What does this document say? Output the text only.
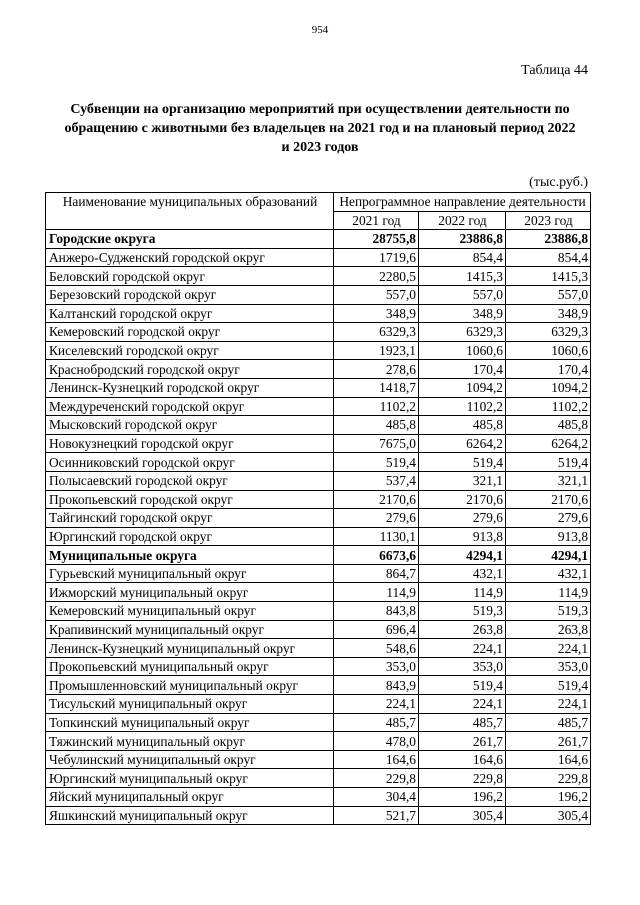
954
Таблица 44
Субвенции на организацию мероприятий при осуществлении деятельности по обращению с животными без владельцев на 2021 год и на плановый период 2022 и 2023 годов
(тыс.руб.)
Наименование муниципальных образований	Непрограммное направление деятельности		
	2021 год	2022 год	2023 год
Городские округа	28755,8	23886,8	23886,8
Анжеро-Судженский городской округ	1719,6	854,4	854,4
Беловский городской округ	2280,5	1415,3	1415,3
Березовский городской округ	557,0	557,0	557,0
Калтанский городской округ	348,9	348,9	348,9
Кемеровский городской округ	6329,3	6329,3	6329,3
Киселевский городской округ	1923,1	1060,6	1060,6
Краснобродский городской округ	278,6	170,4	170,4
Ленинск-Кузнецкий городской округ	1418,7	1094,2	1094,2
Междуреченский городской округ	1102,2	1102,2	1102,2
Мысковский городской округ	485,8	485,8	485,8
Новокузнецкий городской округ	7675,0	6264,2	6264,2
Осинниковский городской округ	519,4	519,4	519,4
Полысаевский городской округ	537,4	321,1	321,1
Прокопьевский городской округ	2170,6	2170,6	2170,6
Тайгинский городской округ	279,6	279,6	279,6
Юргинский городской округ	1130,1	913,8	913,8
Муниципальные округа	6673,6	4294,1	4294,1
Гурьевский муниципальный округ	864,7	432,1	432,1
Ижморский муниципальный округ	114,9	114,9	114,9
Кемеровский муниципальный округ	843,8	519,3	519,3
Крапивинский муниципальный округ	696,4	263,8	263,8
Ленинск-Кузнецкий муниципальный округ	548,6	224,1	224,1
Прокопьевский муниципальный округ	353,0	353,0	353,0
Промышленновский муниципальный округ	843,9	519,4	519,4
Тисульский муниципальный округ	224,1	224,1	224,1
Топкинский муниципальный округ	485,7	485,7	485,7
Тяжинский муниципальный округ	478,0	261,7	261,7
Чебулинский муниципальный округ	164,6	164,6	164,6
Юргинский муниципальный округ	229,8	229,8	229,8
Яйский муниципальный округ	304,4	196,2	196,2
Яшкинский муниципальный округ	521,7	305,4	305,4
